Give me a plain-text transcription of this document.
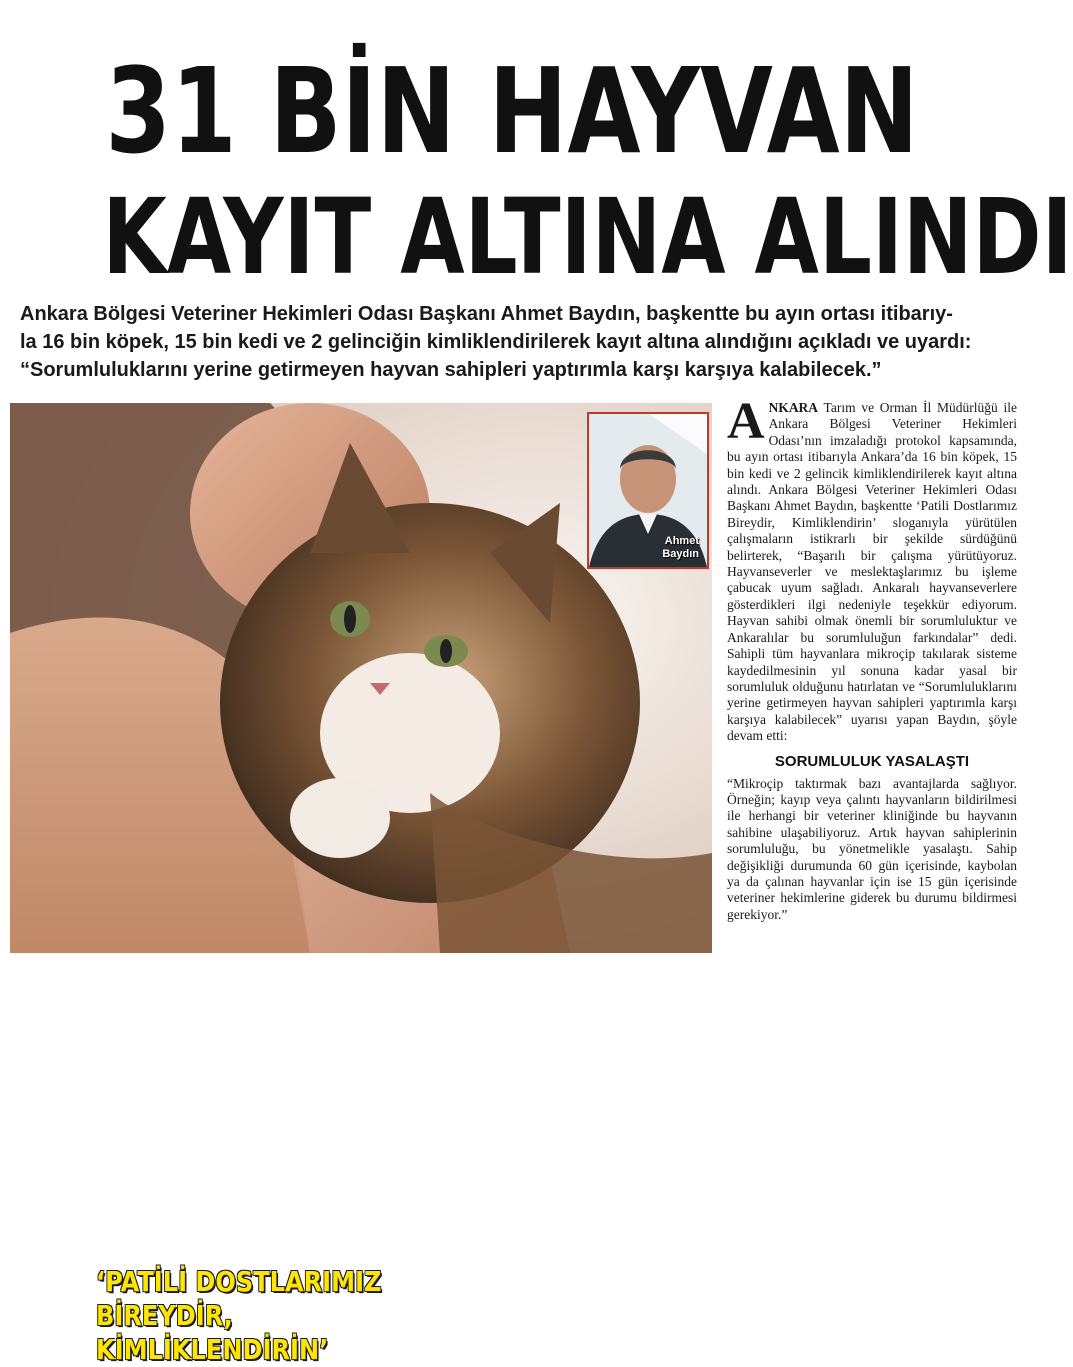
31 BİN HAYVAN
KAYIT ALTINA ALINDI

Ankara Bölgesi Veteriner Hekimleri Odası Başkanı Ahmet Baydın, başkentte bu ayın ortası itibarıy-
la 16 bin köpek, 15 bin kedi ve 2 gelinciğin kimliklendirilerek kayıt altına alındığını açıkladı ve uyardı:
“Sorumluluklarını yerine getirmeyen hayvan sahipleri yaptırımla karşı karşıya kalabilecek.”

‘PATİLİ DOSTLARIMIZ
BİREYDİR, KİMLİKLENDİRİN’
Ahmet
Baydın

ANKARA Tarım ve Orman İl Müdürlüğü ile Ankara Bölgesi Veteriner Hekimleri Odası’nın imzaladığı protokol kapsamında, bu ayın ortası itibarıyla Ankara’da 16 bin köpek, 15 bin kedi ve 2 gelincik kimliklendirilerek kayıt altına alındı. Ankara Bölgesi Veteriner Hekimleri Odası Başkanı Ahmet Baydın, başkentte ‘Patili Dostlarımız Bireydir, Kimliklendirin’ sloganıyla yürütülen çalışmaların istikrarlı bir şekilde sürdüğünü belirterek, “Başarılı bir çalışma yürütüyoruz. Hayvanseverler ve meslektaşlarımız bu işleme çabucak uyum sağladı. Ankaralı hayvanseverlere gösterdikleri ilgi nedeniyle teşekkür ediyorum. Hayvan sahibi olmak önemli bir sorumluluktur ve Ankaralılar bu sorumluluğun farkındalar” dedi. Sahipli tüm hayvanlara mikroçip takılarak sisteme kaydedilmesinin yıl sonuna kadar yasal bir sorumluluk olduğunu hatırlatan ve “Sorumluluklarını yerine getirmeyen hayvan sahipleri yaptırımla karşı karşıya kalabilecek” uyarısı yapan Baydın, şöyle devam etti:

SORUMLULUK YASALAŞTI

“Mikroçip taktırmak bazı avantajlarda sağlıyor. Örneğin; kayıp veya çalıntı hayvanların bildirilmesi ile herhangi bir veteriner kliniğinde bu hayvanın sahibine ulaşabiliyoruz. Artık hayvan sahiplerinin sorumluluğu, bu yönetmelikle yasalaştı. Sahip değişikliği durumunda 60 gün içerisinde, kaybolan ya da çalınan hayvanlar için ise 15 gün içerisinde veteriner hekimlerine giderek bu durumu bildirmesi gerekiyor.”
